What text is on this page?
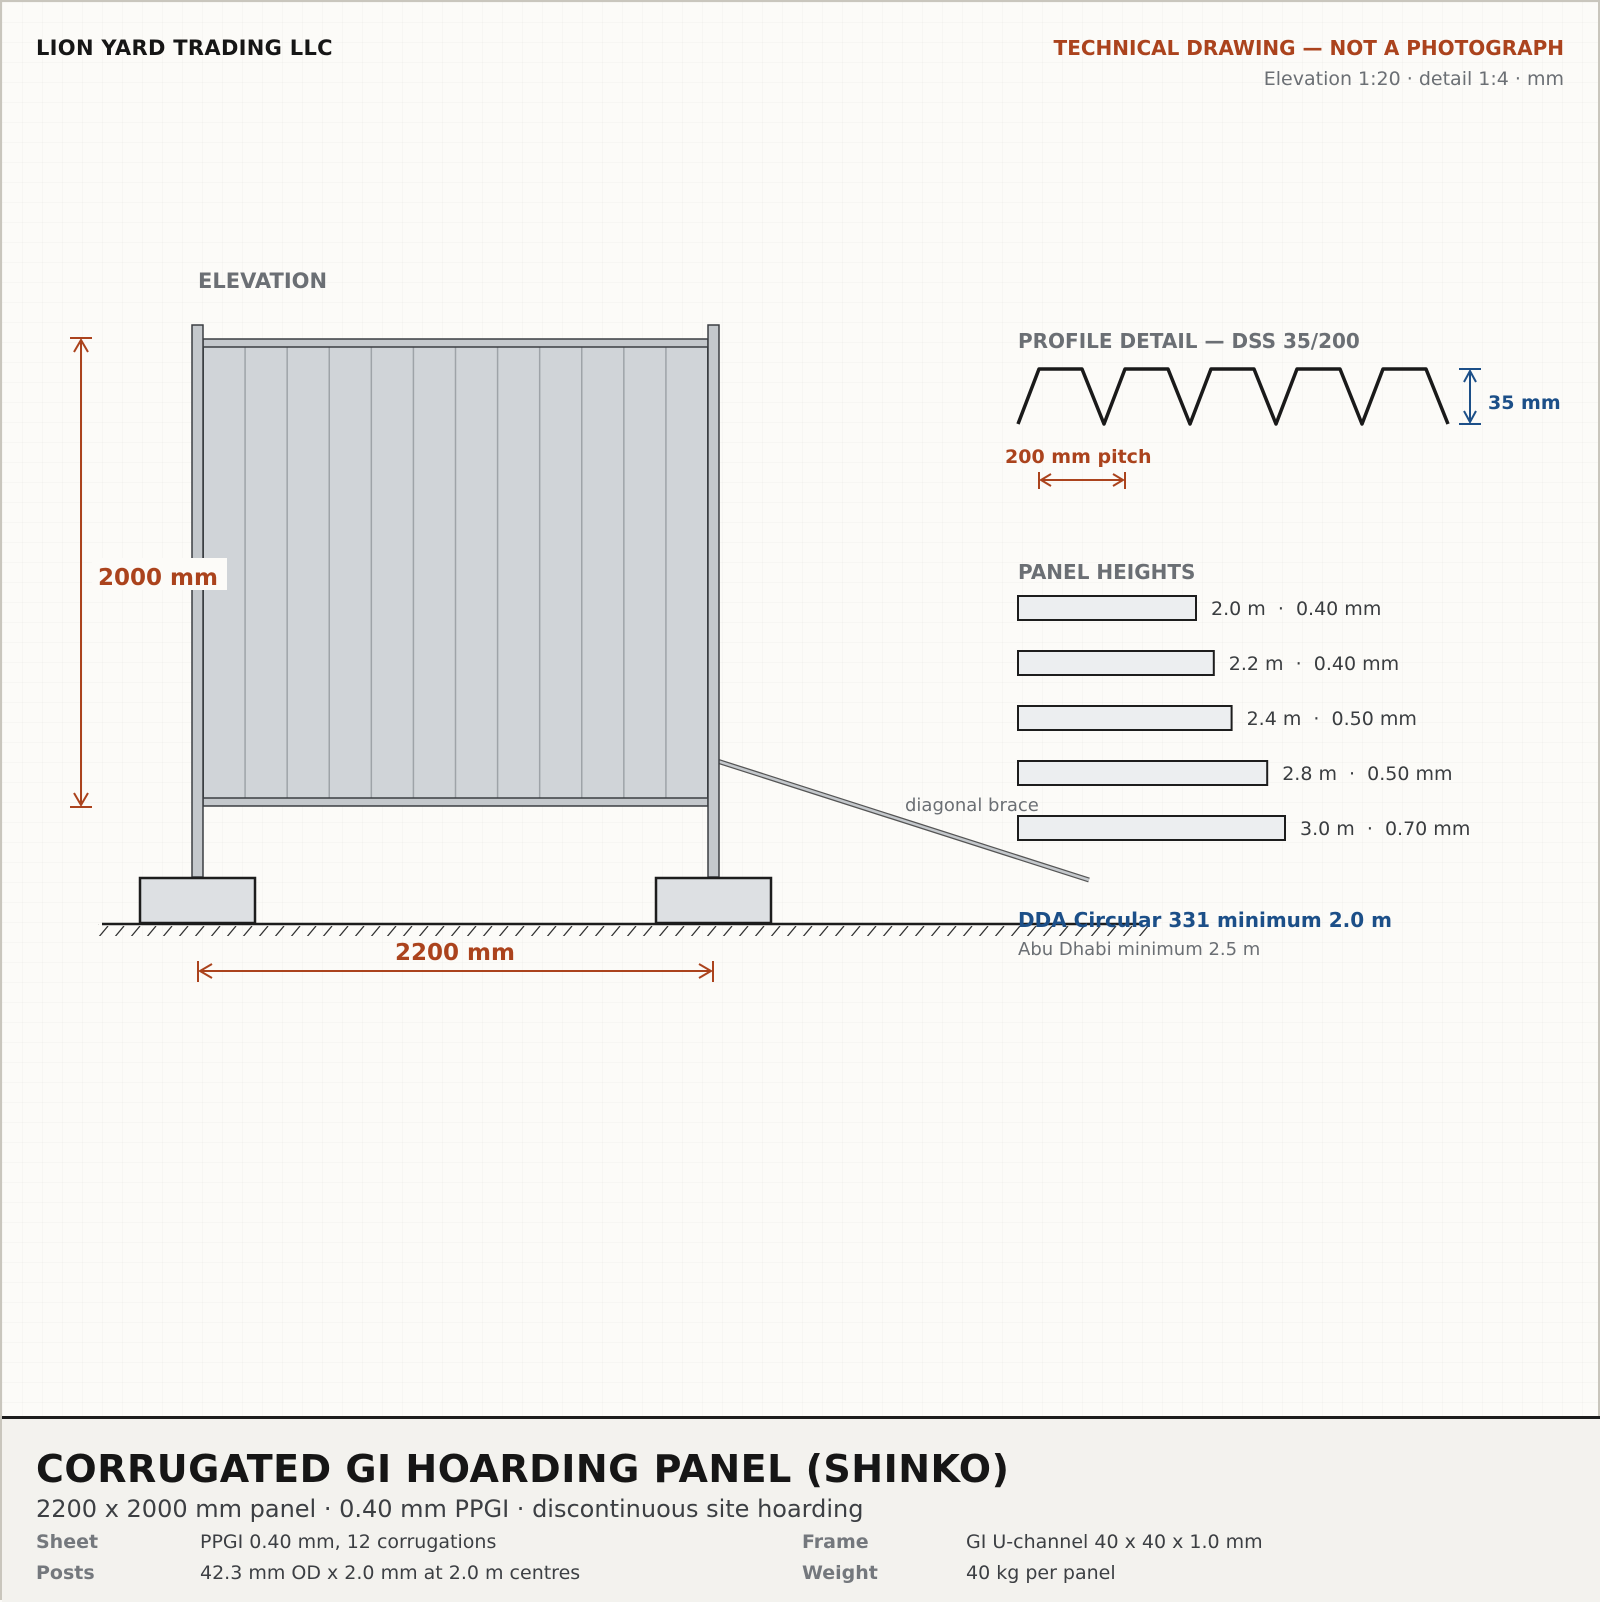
LION YARD TRADING LLC	TECHNICAL DRAWING — NOT A PHOTOGRAPH
Elevation 1:20 · detail 1:4 · mm
ELEVATION
diagonal brace
2000 mm
2200 mm
PROFILE DETAIL — DSS 35/200
35 mm
200 mm pitch
PANEL HEIGHTS
2.0 m  ·  0.40 mm
2.2 m  ·  0.40 mm
2.4 m  ·  0.50 mm
2.8 m  ·  0.50 mm
3.0 m  ·  0.70 mm
DDA Circular 331 minimum 2.0 m
Abu Dhabi minimum 2.5 m
CORRUGATED GI HOARDING PANEL (SHINKO)
2200 x 2000 mm panel · 0.40 mm PPGI · discontinuous site hoarding
Sheet	PPGI 0.40 mm, 12 corrugations	Frame	GI U-channel 40 x 40 x 1.0 mm
Posts	42.3 mm OD x 2.0 mm at 2.0 m centres	Weight	40 kg per panel
